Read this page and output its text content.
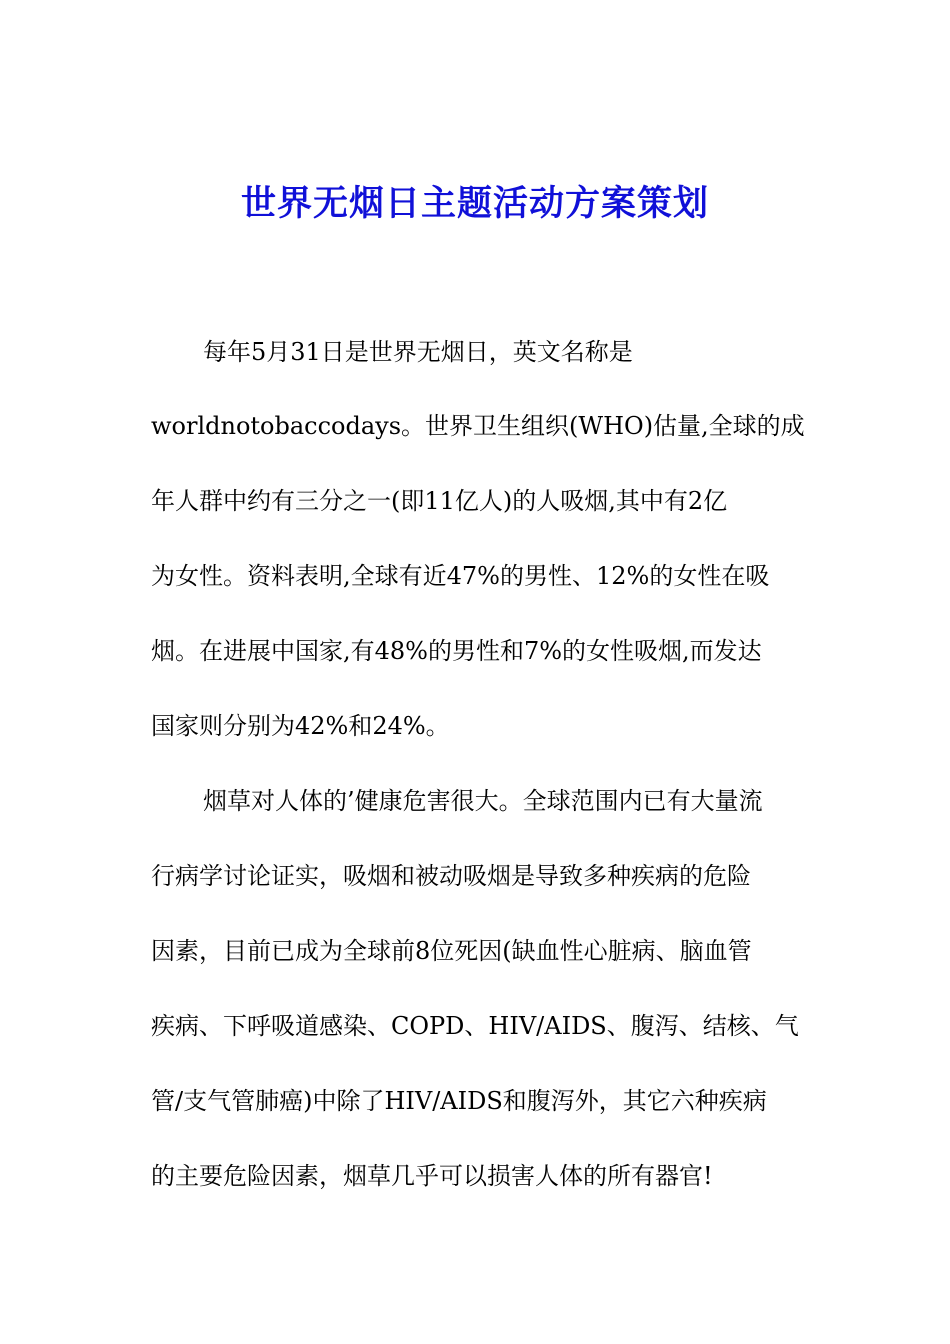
世界无烟日主题活动方案策划
每年5月31日是世界无烟日，英文名称是
worldnotobaccodays。世界卫生组织(WHO)估量,全球的成
年人群中约有三分之一(即11亿人)的人吸烟,其中有2亿
为女性。资料表明,全球有近47%的男性、12%的女性在吸
烟。在进展中国家,有48%的男性和7%的女性吸烟,而发达
国家则分别为42%和24%。
烟草对人体的’健康危害很大。全球范围内已有大量流
行病学讨论证实，吸烟和被动吸烟是导致多种疾病的危险
因素，目前已成为全球前8位死因(缺血性心脏病、脑血管
疾病、下呼吸道感染、COPD、HIV/AIDS、腹泻、结核、气
管/支气管肺癌)中除了HIV/AIDS和腹泻外，其它六种疾病
的主要危险因素，烟草几乎可以损害人体的所有器官!
